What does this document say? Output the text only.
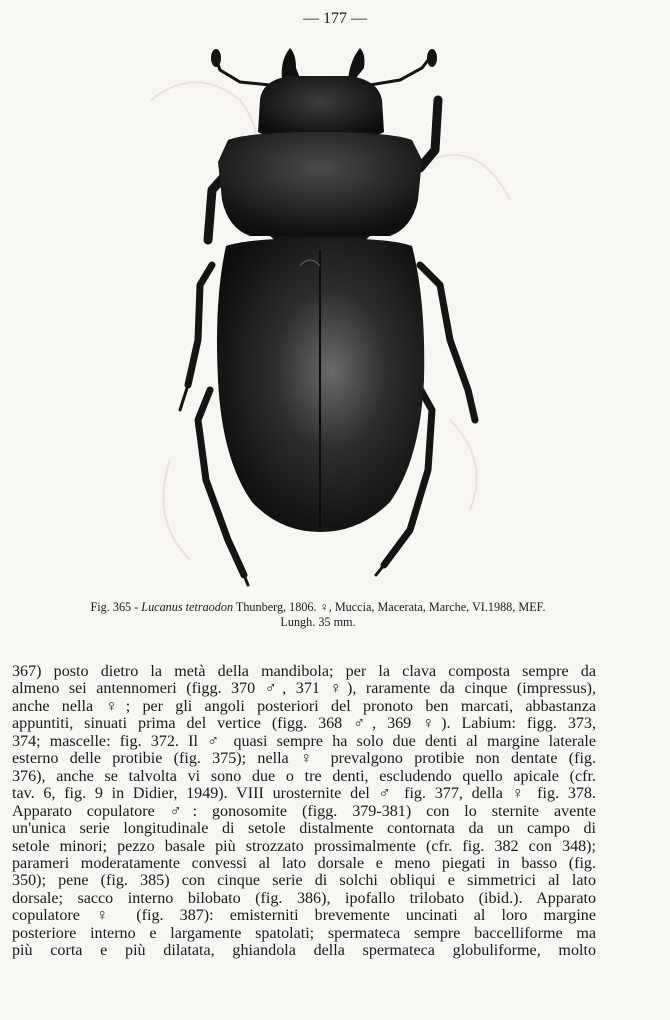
— 177 —
Fig. 365 - Lucanus tetraodon Thunberg, 1806. ♀, Muccia, Macerata, Marche, VI.1988, MEF.
Lungh. 35 mm.

367) posto dietro la metà della mandibola; per la clava composta sempre da

almeno sei antennomeri (figg. 370 ♂, 371 ♀), raramente da cinque (impressus),

anche nella ♀; per gli angoli posteriori del pronoto ben marcati, abbastanza

appuntiti, sinuati prima del vertice (figg. 368 ♂, 369 ♀). Labium: figg. 373,

374; mascelle: fig. 372. Il ♂ quasi sempre ha solo due denti al margine laterale

esterno delle protibie (fig. 375); nella ♀ prevalgono protibie non dentate (fig.

376), anche se talvolta vi sono due o tre denti, escludendo quello apicale (cfr.

tav. 6, fig. 9 in Didier, 1949). VIII urosternite del ♂ fig. 377, della ♀ fig. 378.

Apparato copulatore ♂: gonosomite (figg. 379-381) con lo sternite avente

un'unica serie longitudinale di setole distalmente contornata da un campo di

setole minori; pezzo basale più strozzato prossimalmente (cfr. fig. 382 con 348);

parameri moderatamente convessi al lato dorsale e meno piegati in basso (fig.

350); pene (fig. 385) con cinque serie di solchi obliqui e simmetrici al lato

dorsale; sacco interno bilobato (fig. 386), ipofallo trilobato (ibid.). Apparato

copulatore ♀ (fig. 387): emisterniti brevemente uncinati al loro margine

posteriore interno e largamente spatolati; spermateca sempre baccelliforme ma

più corta e più dilatata, ghiandola della spermateca globuliforme, molto
